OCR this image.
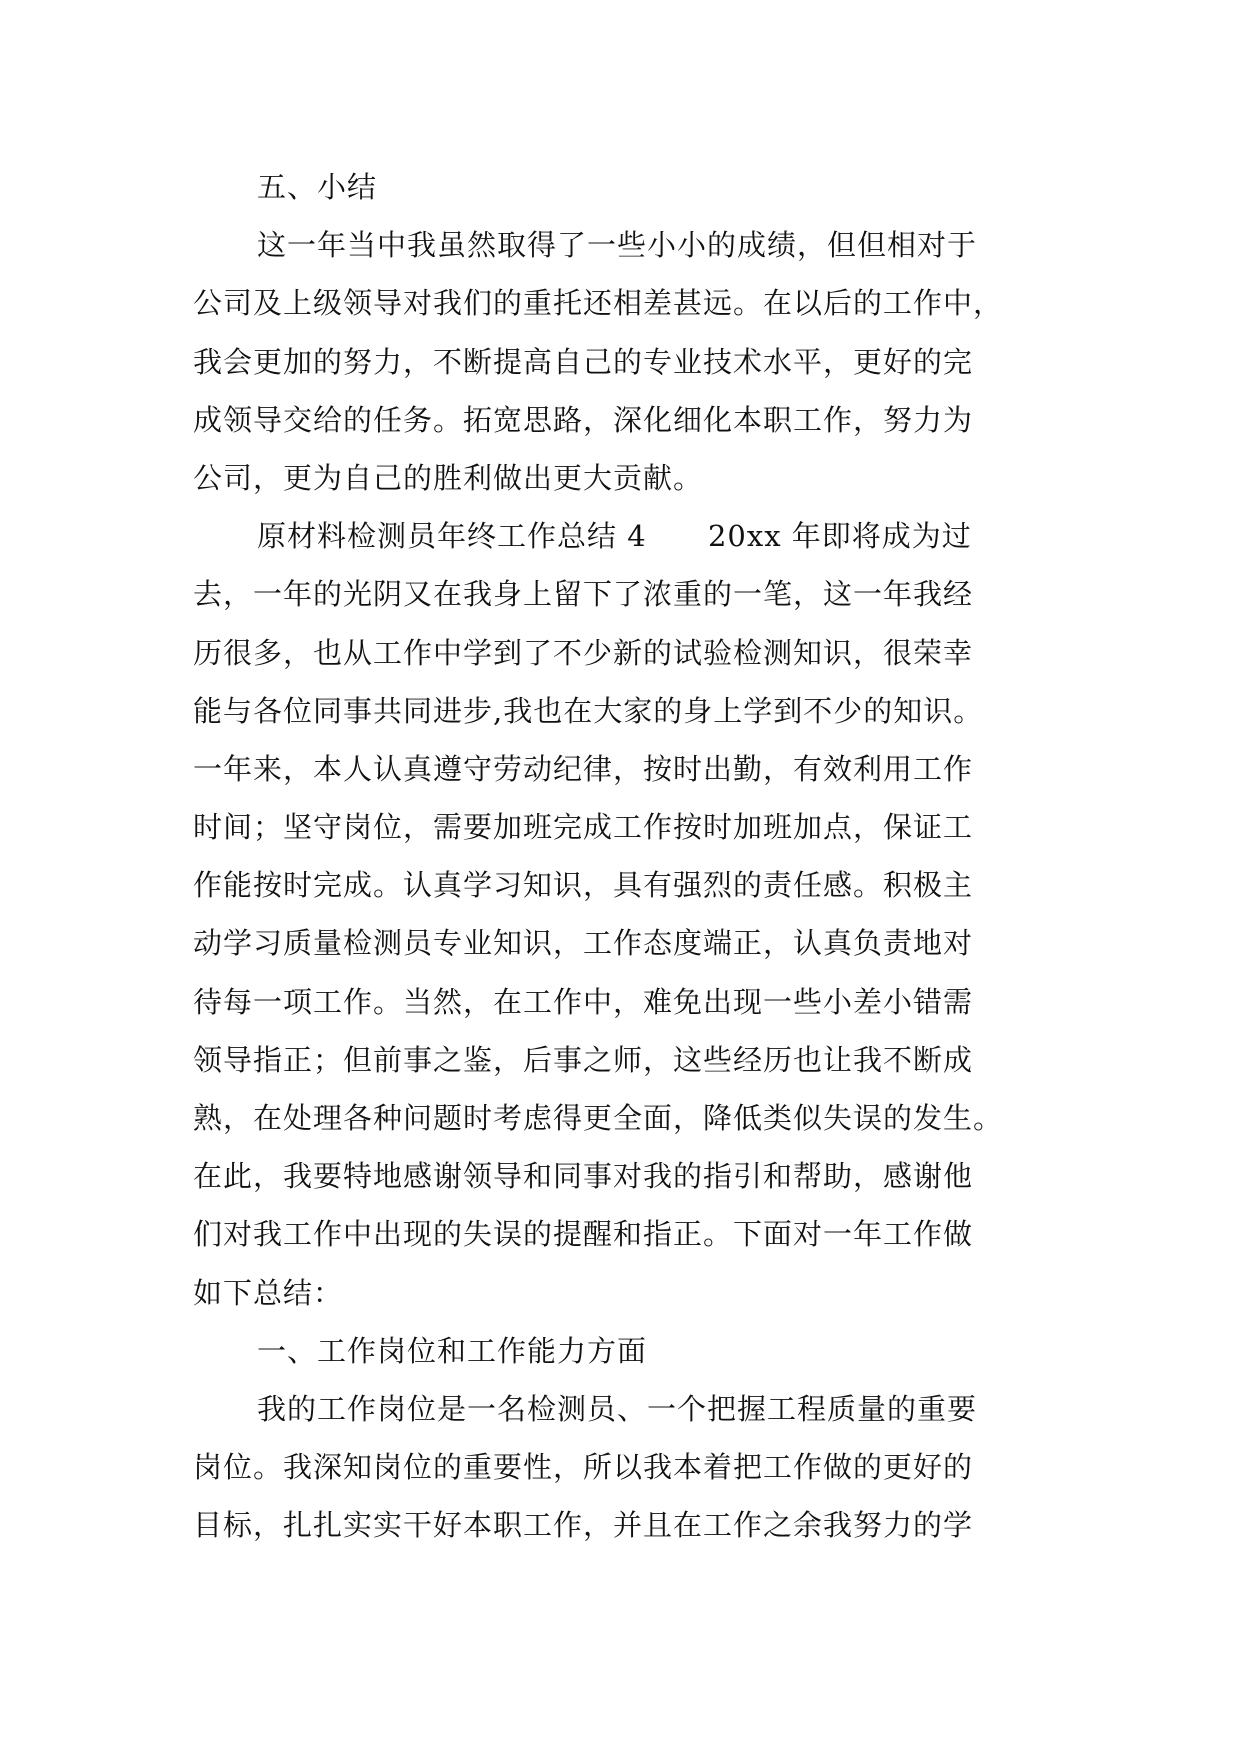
五、小结
这一年当中我虽然取得了一些小小的成绩，但但相对于
公司及上级领导对我们的重托还相差甚远。在以后的工作中，
我会更加的努力，不断提高自己的专业技术水平，更好的完
成领导交给的任务。拓宽思路，深化细化本职工作，努力为
公司，更为自己的胜利做出更大贡献。
原材料检测员年终工作总结 4      20xx 年即将成为过
去，一年的光阴又在我身上留下了浓重的一笔，这一年我经
历很多，也从工作中学到了不少新的试验检测知识，很荣幸
能与各位同事共同进步,我也在大家的身上学到不少的知识。
一年来，本人认真遵守劳动纪律，按时出勤，有效利用工作
时间；坚守岗位，需要加班完成工作按时加班加点，保证工
作能按时完成。认真学习知识，具有强烈的责任感。积极主
动学习质量检测员专业知识，工作态度端正，认真负责地对
待每一项工作。当然，在工作中，难免出现一些小差小错需
领导指正；但前事之鉴，后事之师，这些经历也让我不断成
熟，在处理各种问题时考虑得更全面，降低类似失误的发生。
在此，我要特地感谢领导和同事对我的指引和帮助，感谢他
们对我工作中出现的失误的提醒和指正。下面对一年工作做
如下总结：
一、工作岗位和工作能力方面
我的工作岗位是一名检测员、一个把握工程质量的重要
岗位。我深知岗位的重要性，所以我本着把工作做的更好的
目标，扎扎实实干好本职工作，并且在工作之余我努力的学
